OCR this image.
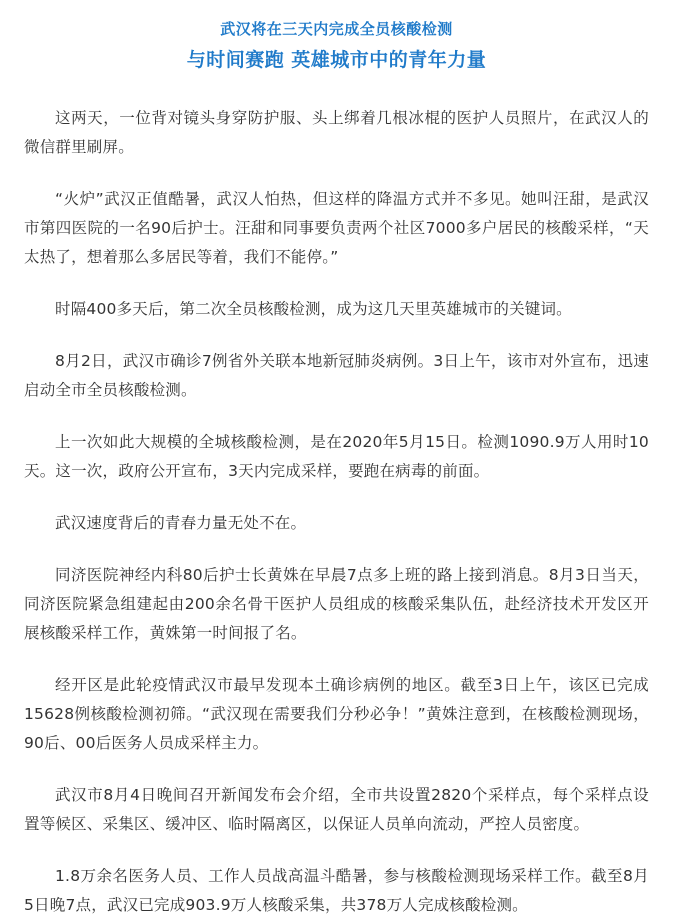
武汉将在三天内完成全员核酸检测
与时间赛跑 英雄城市中的青年力量

这两天，一位背对镜头身穿防护服、头上绑着几根冰棍的医护人员照片，在武汉人的微信群里刷屏。

“火炉”武汉正值酷暑，武汉人怕热，但这样的降温方式并不多见。她叫汪甜，是武汉市第四医院的一名90后护士。汪甜和同事要负责两个社区7000多户居民的核酸采样，“天太热了，想着那么多居民等着，我们不能停。”

时隔400多天后，第二次全员核酸检测，成为这几天里英雄城市的关键词。

8月2日，武汉市确诊7例省外关联本地新冠肺炎病例。3日上午，该市对外宣布，迅速启动全市全员核酸检测。

上一次如此大规模的全城核酸检测，是在2020年5月15日。检测1090.9万人用时10天。这一次，政府公开宣布，3天内完成采样，要跑在病毒的前面。

武汉速度背后的青春力量无处不在。

同济医院神经内科80后护士长黄姝在早晨7点多上班的路上接到消息。8月3日当天，同济医院紧急组建起由200余名骨干医护人员组成的核酸采集队伍，赴经济技术开发区开展核酸采样工作，黄姝第一时间报了名。

经开区是此轮疫情武汉市最早发现本土确诊病例的地区。截至3日上午，该区已完成15628例核酸检测初筛。“武汉现在需要我们分秒必争！”黄姝注意到，在核酸检测现场，90后、00后医务人员成采样主力。

武汉市8月4日晚间召开新闻发布会介绍，全市共设置2820个采样点，每个采样点设置等候区、采集区、缓冲区、临时隔离区，以保证人员单向流动，严控人员密度。

1.8万余名医务人员、工作人员战高温斗酷暑，参与核酸检测现场采样工作。截至8月5日晚7点，武汉已完成903.9万人核酸采集，共378万人完成核酸检测。
